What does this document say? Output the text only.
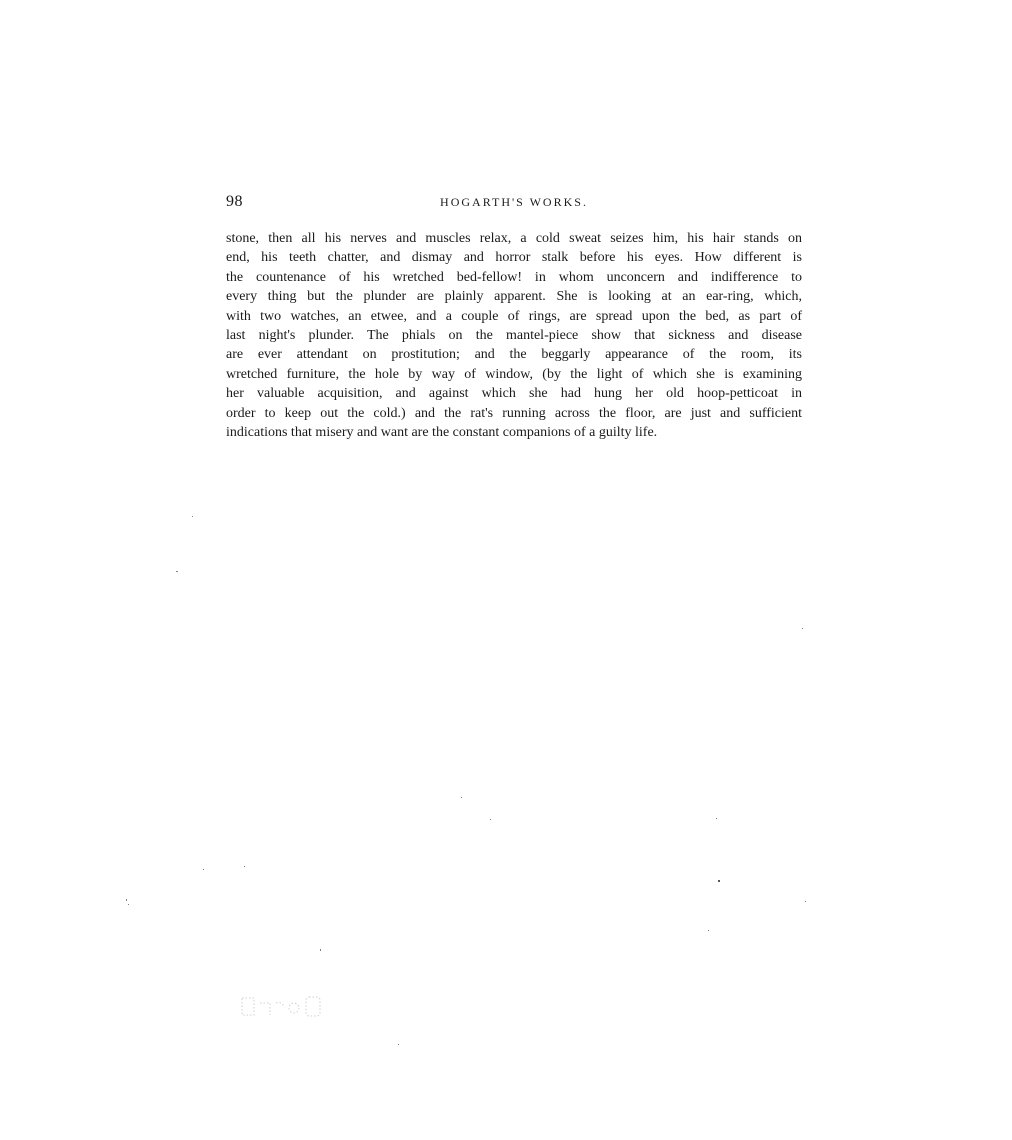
98	HOGARTH'S WORKS.
stone, then all his nerves and muscles relax, a cold sweat seizes him, his hair stands on
end, his teeth chatter, and dismay and horror stalk before his eyes. How different is
the countenance of his wretched bed-fellow! in whom unconcern and indifference to
every thing but the plunder are plainly apparent. She is looking at an ear-ring, which,
with two watches, an etwee, and a couple of rings, are spread upon the bed, as part of
last night's plunder. The phials on the mantel-piece show that sickness and disease
are ever attendant on prostitution; and the beggarly appearance of the room, its
wretched furniture, the hole by way of window, (by the light of which she is examining
her valuable acquisition, and against which she had hung her old hoop-petticoat in
order to keep out the cold.) and the rat's running across the floor, are just and sufficient
indications that misery and want are the constant companions of a guilty life.
